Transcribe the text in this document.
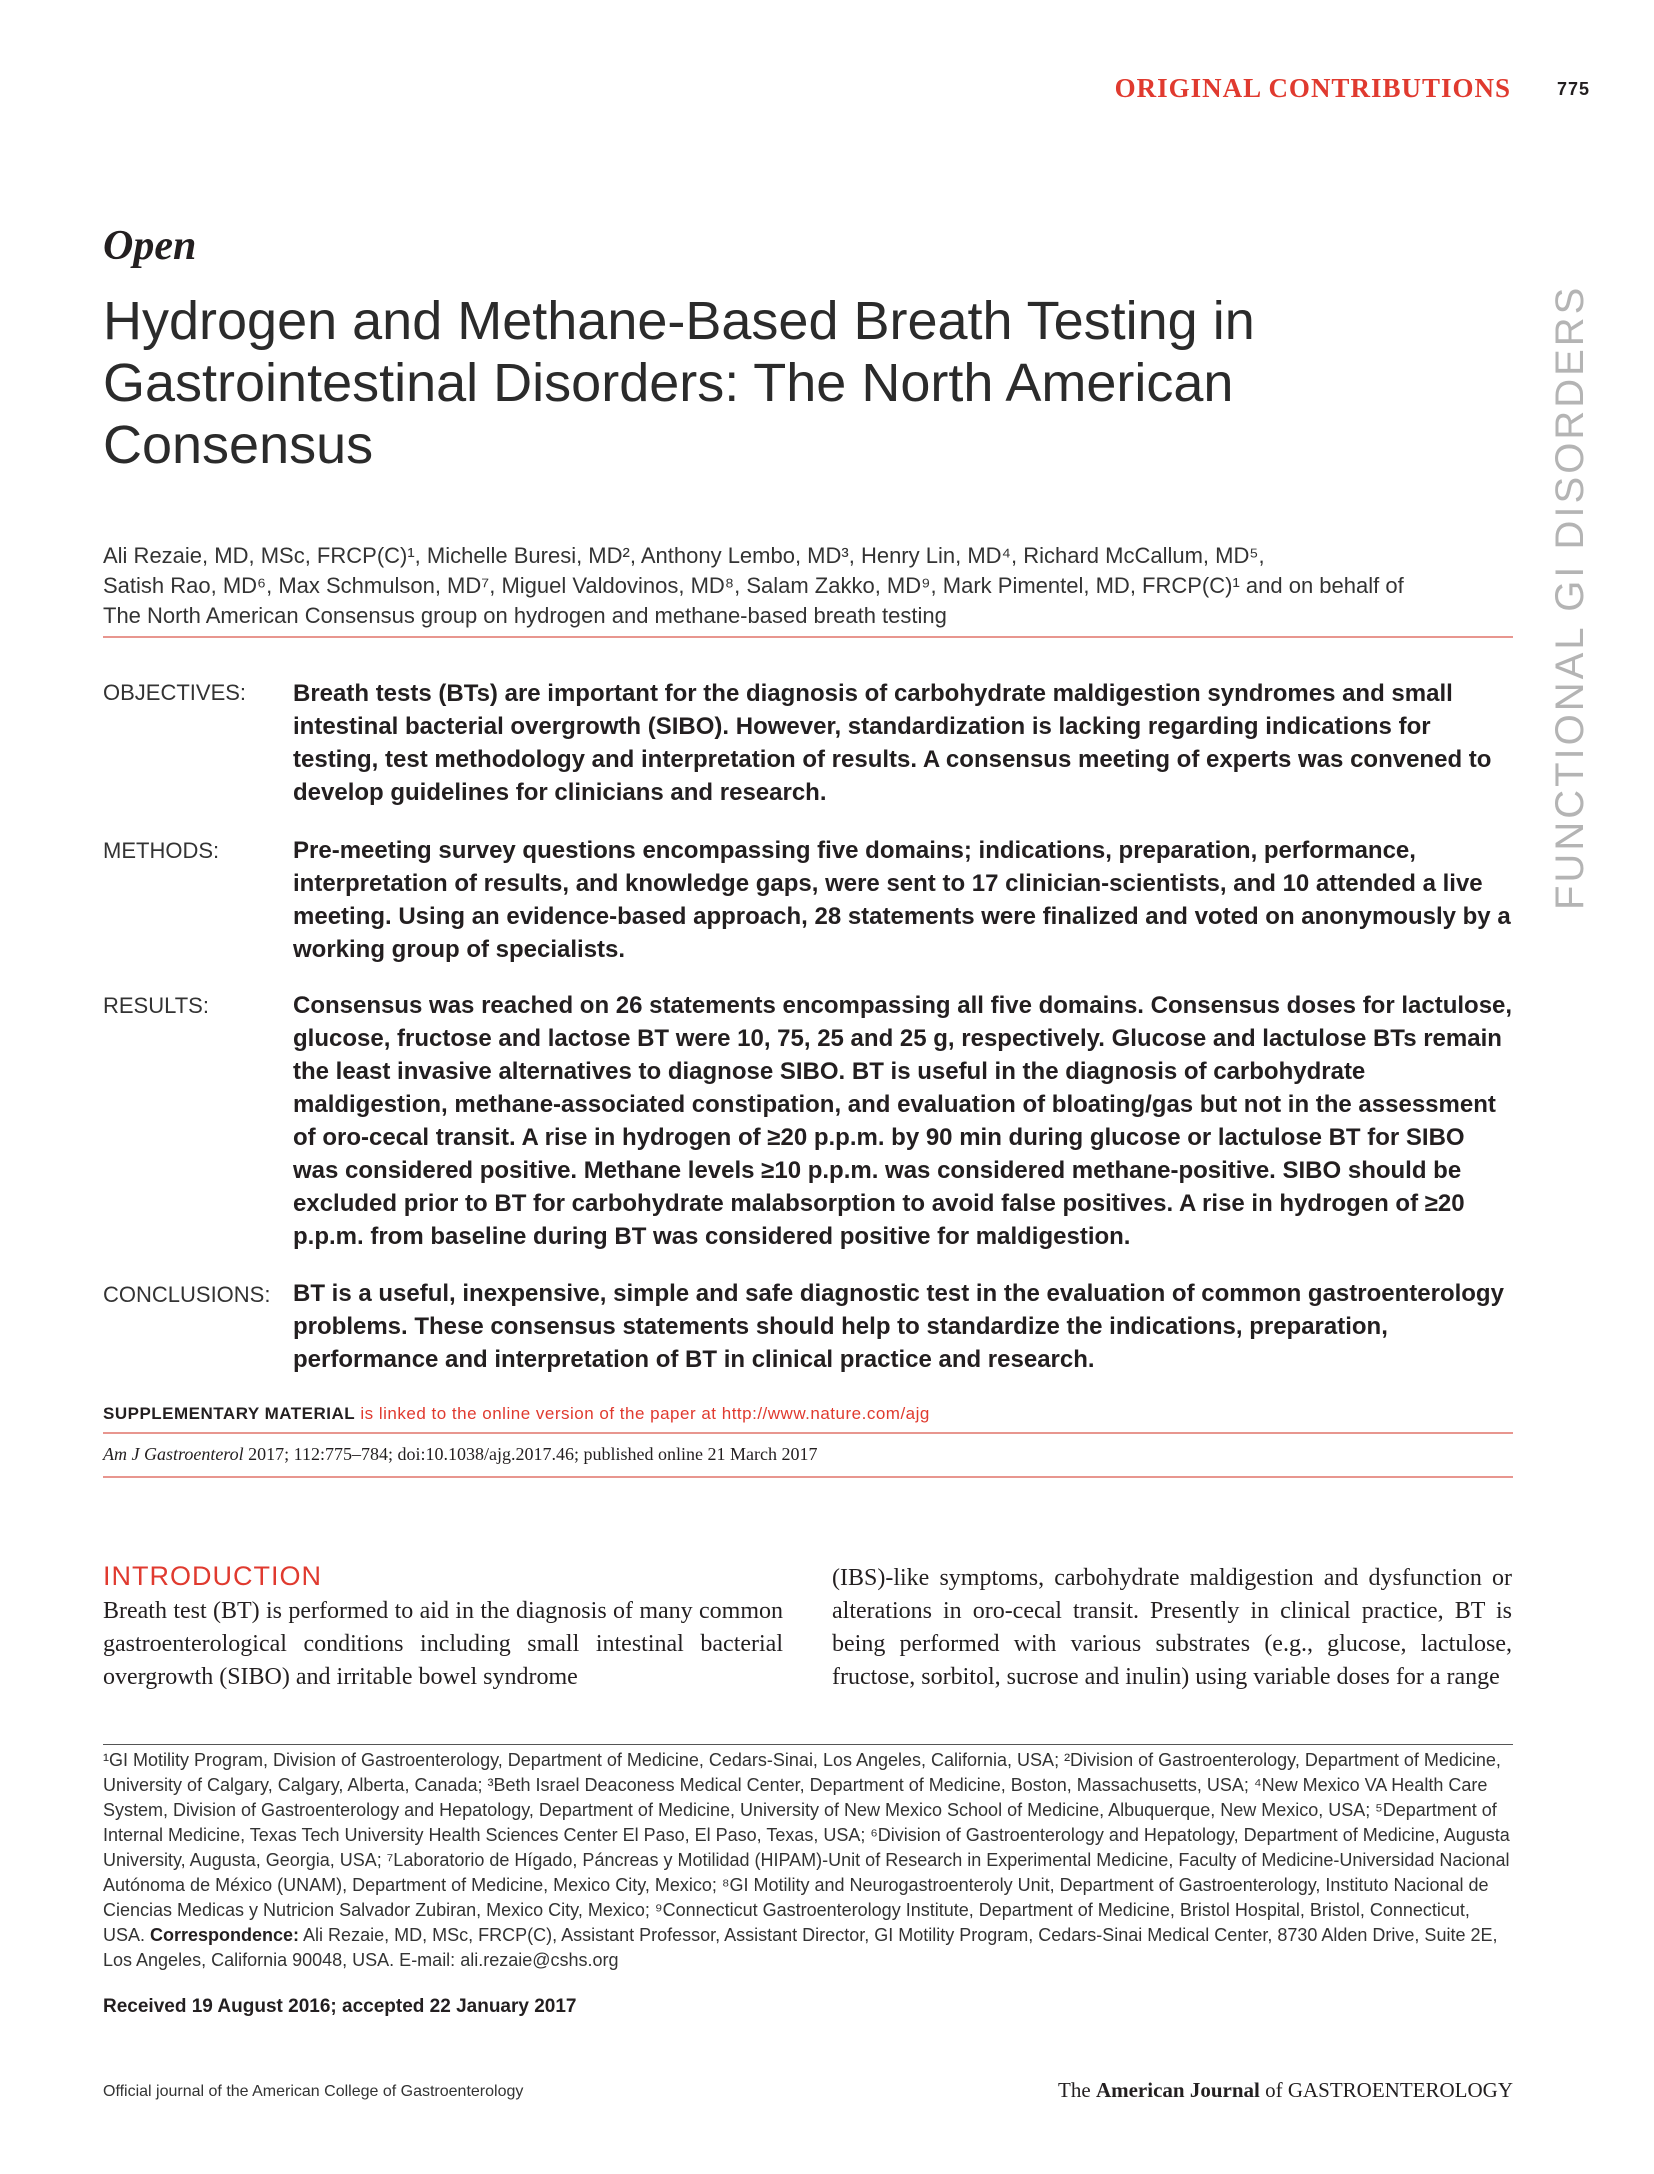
ORIGINAL CONTRIBUTIONS	775
FUNCTIONAL GI DISORDERS
Open
Hydrogen and Methane-Based Breath Testing in Gastrointestinal Disorders: The North American Consensus
Ali Rezaie, MD, MSc, FRCP(C)¹, Michelle Buresi, MD², Anthony Lembo, MD³, Henry Lin, MD⁴, Richard McCallum, MD⁵,
Satish Rao, MD⁶, Max Schmulson, MD⁷, Miguel Valdovinos, MD⁸, Salam Zakko, MD⁹, Mark Pimentel, MD, FRCP(C)¹ and on behalf of
The North American Consensus group on hydrogen and methane-based breath testing
OBJECTIVES: Breath tests (BTs) are important for the diagnosis of carbohydrate maldigestion syndromes and small intestinal bacterial overgrowth (SIBO). However, standardization is lacking regarding indications for testing, test methodology and interpretation of results. A consensus meeting of experts was convened to develop guidelines for clinicians and research.
METHODS:	Pre-meeting survey questions encompassing five domains; indications, preparation, performance, interpretation of results, and knowledge gaps, were sent to 17 clinician-scientists, and 10 attended a live meeting. Using an evidence-based approach, 28 statements were finalized and voted on anonymously by a working group of specialists.
RESULTS:	Consensus was reached on 26 statements encompassing all five domains. Consensus doses for lactulose, glucose, fructose and lactose BT were 10, 75, 25 and 25 g, respectively. Glucose and lactulose BTs remain the least invasive alternatives to diagnose SIBO. BT is useful in the diagnosis of carbohydrate maldigestion, methane-associated constipation, and evaluation of bloating/gas but not in the assessment of oro-cecal transit. A rise in hydrogen of ≥20 p.p.m. by 90 min during glucose or lactulose BT for SIBO was considered positive. Methane levels ≥10 p.p.m. was considered methane-positive. SIBO should be excluded prior to BT for carbohydrate malabsorption to avoid false positives. A rise in hydrogen of ≥20 p.p.m. from baseline during BT was considered positive for maldigestion.
CONCLUSIONS: BT is a useful, inexpensive, simple and safe diagnostic test in the evaluation of common gastroenterology problems. These consensus statements should help to standardize the indications, preparation, performance and interpretation of BT in clinical practice and research.
SUPPLEMENTARY MATERIAL is linked to the online version of the paper at http://www.nature.com/ajg
Am J Gastroenterol 2017; 112:775–784; doi:10.1038/ajg.2017.46; published online 21 March 2017
INTRODUCTION
Breath test (BT) is performed to aid in the diagnosis of many common gastroenterological conditions including small intestinal bacterial overgrowth (SIBO) and irritable bowel syndrome
(IBS)-like symptoms, carbohydrate maldigestion and dysfunction or alterations in oro-cecal transit. Presently in clinical practice, BT is being performed with various substrates (e.g., glucose, lactulose, fructose, sorbitol, sucrose and inulin) using variable doses for a range
¹GI Motility Program, Division of Gastroenterology, Department of Medicine, Cedars-Sinai, Los Angeles, California, USA; ²Division of Gastroenterology, Department of Medicine, University of Calgary, Calgary, Alberta, Canada; ³Beth Israel Deaconess Medical Center, Department of Medicine, Boston, Massachusetts, USA; ⁴New Mexico VA Health Care System, Division of Gastroenterology and Hepatology, Department of Medicine, University of New Mexico School of Medicine, Albuquerque, New Mexico, USA; ⁵Department of Internal Medicine, Texas Tech University Health Sciences Center El Paso, El Paso, Texas, USA; ⁶Division of Gastroenterology and Hepatology, Department of Medicine, Augusta University, Augusta, Georgia, USA; ⁷Laboratorio de Hígado, Páncreas y Motilidad (HIPAM)-Unit of Research in Experimental Medicine, Faculty of Medicine-Universidad Nacional Autónoma de México (UNAM), Department of Medicine, Mexico City, Mexico; ⁸GI Motility and Neurogastroenteroly Unit, Department of Gastroenterology, Instituto Nacional de Ciencias Medicas y Nutricion Salvador Zubiran, Mexico City, Mexico; ⁹Connecticut Gastroenterology Institute, Department of Medicine, Bristol Hospital, Bristol, Connecticut, USA. Correspondence: Ali Rezaie, MD, MSc, FRCP(C), Assistant Professor, Assistant Director, GI Motility Program, Cedars-Sinai Medical Center, 8730 Alden Drive, Suite 2E, Los Angeles, California 90048, USA. E-mail: ali.rezaie@cshs.org
Received 19 August 2016; accepted 22 January 2017
Official journal of the American College of Gastroenterology	The American Journal of GASTROENTEROLOGY
